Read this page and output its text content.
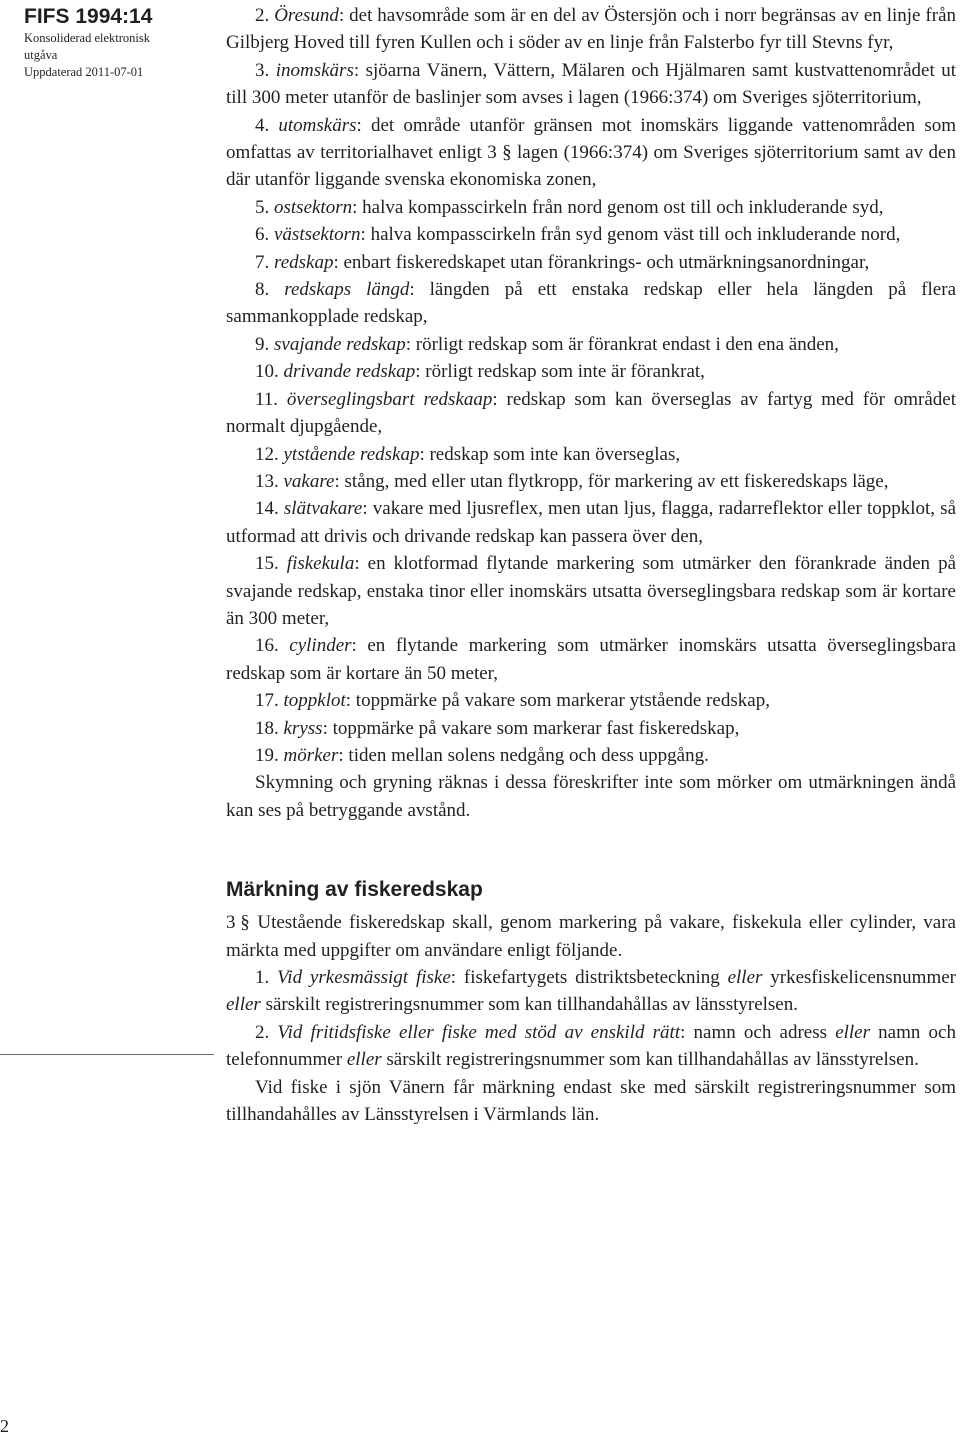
FIFS 1994:14
Konsoliderad elektronisk
utgåva
Uppdaterad 2011-07-01
2

2. Öresund: det havsområde som är en del av Östersjön och i norr begränsas av en linje från Gilbjerg Hoved till fyren Kullen och i söder av en linje från Falsterbo fyr till Stevns fyr,

3. inomskärs: sjöarna Vänern, Vättern, Mälaren och Hjälmaren samt kustvattenområdet ut till 300 meter utanför de baslinjer som avses i lagen (1966:374) om Sveriges sjöterritorium,

4. utomskärs: det område utanför gränsen mot inomskärs liggande vattenområden som omfattas av territorialhavet enligt 3 § lagen (1966:374) om Sveriges sjöterritorium samt av den där utanför liggande svenska ekonomiska zonen,

5. ostsektorn: halva kompasscirkeln från nord genom ost till och inkluderande syd,

6. västsektorn: halva kompasscirkeln från syd genom väst till och inkluderande nord,

7. redskap: enbart fiskeredskapet utan förankrings- och utmärkningsanordningar,

8. redskaps längd: längden på ett enstaka redskap eller hela längden på flera sammankopplade redskap,

9. svajande redskap: rörligt redskap som är förankrat endast i den ena änden,

10. drivande redskap: rörligt redskap som inte är förankrat,

11. överseglingsbart redskaap: redskap som kan överseglas av fartyg med för området normalt djupgående,

12. ytstående redskap: redskap som inte kan överseglas,

13. vakare: stång, med eller utan flytkropp, för markering av ett fiskeredskaps läge,

14. slätvakare: vakare med ljusreflex, men utan ljus, flagga, radarreflektor eller toppklot, så utformad att drivis och drivande redskap kan passera över den,

15. fiskekula: en klotformad flytande markering som utmärker den förankrade änden på svajande redskap, enstaka tinor eller inomskärs utsatta överseglingsbara redskap som är kortare än 300 meter,

16. cylinder: en flytande markering som utmärker inomskärs utsatta överseglingsbara redskap som är kortare än 50 meter,

17. toppklot: toppmärke på vakare som markerar ytstående redskap,

18. kryss: toppmärke på vakare som markerar fast fiskeredskap,

19. mörker: tiden mellan solens nedgång och dess uppgång.

Skymning och gryning räknas i dessa föreskrifter inte som mörker om utmärkningen ändå kan ses på betryggande avstånd.

Märkning av fiskeredskap

3 § Utestående fiskeredskap skall, genom markering på vakare, fiskekula eller cylinder, vara märkta med uppgifter om användare enligt följande.

1. Vid yrkesmässigt fiske: fiskefartygets distriktsbeteckning eller yrkesfiskelicensnummer eller särskilt registreringsnummer som kan tillhandahållas av länsstyrelsen.

2. Vid fritidsfiske eller fiske med stöd av enskild rätt: namn och adress eller namn och telefonnummer eller särskilt registreringsnummer som kan tillhandahållas av länsstyrelsen.

Vid fiske i sjön Vänern får märkning endast ske med särskilt registreringsnummer som tillhandahålles av Länsstyrelsen i Värmlands län.
